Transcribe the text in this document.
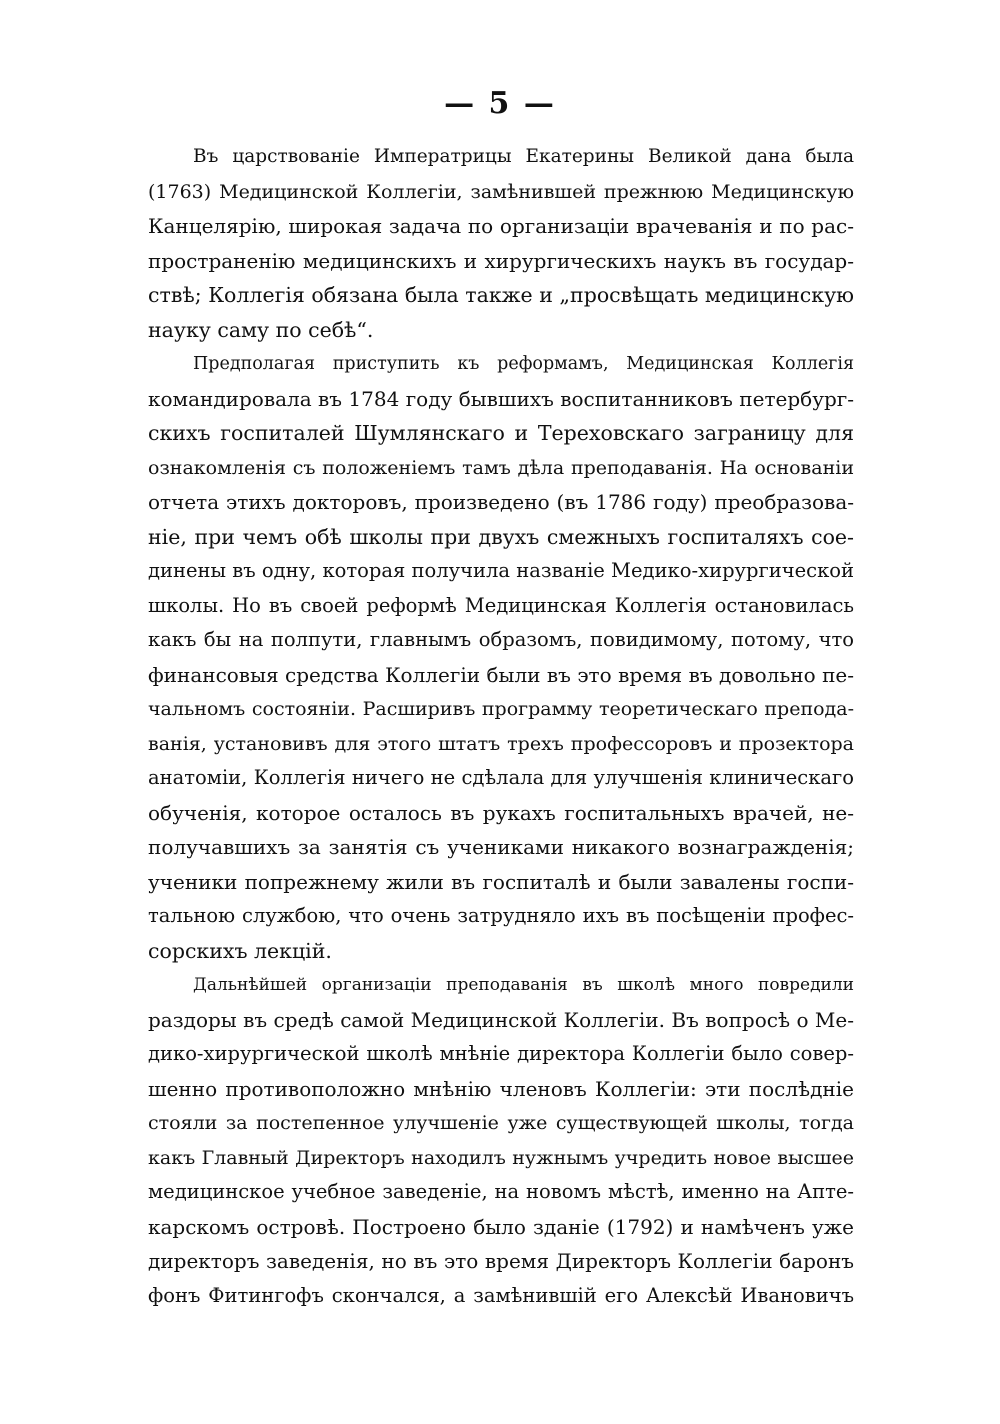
— 5 —
Въ царствованіе Императрицы Екатерины Великой дана была
(1763) Медицинской Коллегіи, замѣнившей прежнюю Медицинскую
Канцелярію, широкая задача по организаціи врачеванія и по рас-
пространенію медицинскихъ и хирургическихъ наукъ въ государ-
ствѣ; Коллегія обязана была также и „просвѣщать медицинскую
науку саму по себѣ“.
Предполагая приступить къ реформамъ, Медицинская Коллегія
командировала въ 1784 году бывшихъ воспитанниковъ петербург-
скихъ госпиталей Шумлянскаго и Тереховскаго заграницу для
ознакомленія съ положеніемъ тамъ дѣла преподаванія. На основаніи
отчета этихъ докторовъ, произведено (въ 1786 году) преобразова-
ніе, при чемъ обѣ школы при двухъ смежныхъ госпиталяхъ сое-
динены въ одну, которая получила названіе Медико-хирургической
школы. Но въ своей реформѣ Медицинская Коллегія остановилась
какъ бы на полпути, главнымъ образомъ, повидимому, потому, что
финансовыя средства Коллегіи были въ это время въ довольно пе-
чальномъ состояніи. Расширивъ программу теоретическаго препода-
ванія, установивъ для этого штатъ трехъ профессоровъ и прозектора
анатоміи, Коллегія ничего не сдѣлала для улучшенія клиническаго
обученія, которое осталось въ рукахъ госпитальныхъ врачей, не-
получавшихъ за занятія съ учениками никакого вознагражденія;
ученики попрежнему жили въ госпиталѣ и были завалены госпи-
тальною службою, что очень затрудняло ихъ въ посѣщеніи профес-
сорскихъ лекцій.
Дальнѣйшей организаціи преподаванія въ школѣ много повредили
раздоры въ средѣ самой Медицинской Коллегіи. Въ вопросѣ о Ме-
дико-хирургической школѣ мнѣніе директора Коллегіи было совер-
шенно противоположно мнѣнію членовъ Коллегіи: эти послѣдніе
стояли за постепенное улучшеніе уже существующей школы, тогда
какъ Главный Директоръ находилъ нужнымъ учредить новое высшее
медицинское учебное заведеніе, на новомъ мѣстѣ, именно на Апте-
карскомъ островѣ. Построено было зданіе (1792) и намѣченъ уже
директоръ заведенія, но въ это время Директоръ Коллегіи баронъ
фонъ Фитингофъ скончался, а замѣнившій его Алексѣй Ивановичъ
